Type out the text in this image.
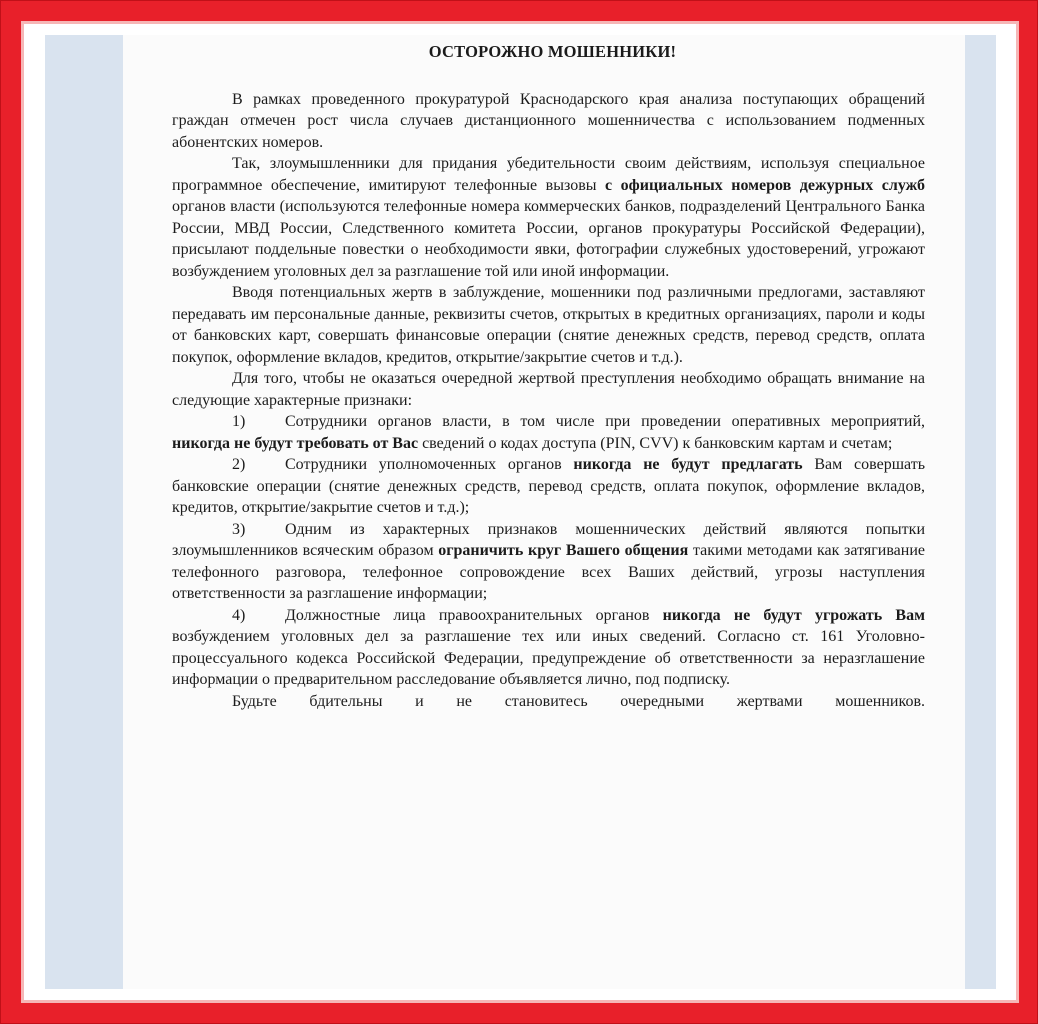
ОСТОРОЖНО МОШЕННИКИ!

В рамках проведенного прокуратурой Краснодарского края анализа поступающих обращений граждан отмечен рост числа случаев дистанционного мошенничества с использованием подменных абонентских номеров.

Так, злоумышленники для придания убедительности своим действиям, используя специальное программное обеспечение, имитируют телефонные вызовы с официальных номеров дежурных служб органов власти (используются телефонные номера коммерческих банков, подразделений Центрального Банка России, МВД России, Следственного комитета России, органов прокуратуры Российской Федерации), присылают поддельные повестки о необходимости явки, фотографии служебных удостоверений, угрожают возбуждением уголовных дел за разглашение той или иной информации.

Вводя потенциальных жертв в заблуждение, мошенники под различными предлогами, заставляют передавать им персональные данные, реквизиты счетов, открытых в кредитных организациях, пароли и коды от банковских карт, совершать финансовые операции (снятие денежных средств, перевод средств, оплата покупок, оформление вкладов, кредитов, открытие/закрытие счетов и т.д.).

Для того, чтобы не оказаться очередной жертвой преступления необходимо обращать внимание на следующие характерные признаки:

1) Сотрудники органов власти, в том числе при проведении оперативных мероприятий, никогда не будут требовать от Вас сведений о кодах доступа (PIN, CVV) к банковским картам и счетам;

2) Сотрудники уполномоченных органов никогда не будут предлагать Вам совершать банковские операции (снятие денежных средств, перевод средств, оплата покупок, оформление вкладов, кредитов, открытие/закрытие счетов и т.д.);

3) Одним из характерных признаков мошеннических действий являются попытки злоумышленников всяческим образом ограничить круг Вашего общения такими методами как затягивание телефонного разговора, телефонное сопровождение всех Ваших действий, угрозы наступления ответственности за разглашение информации;

4) Должностные лица правоохранительных органов никогда не будут угрожать Вам возбуждением уголовных дел за разглашение тех или иных сведений. Согласно ст. 161 Уголовно-процессуального кодекса Российской Федерации, предупреждение об ответственности за неразглашение информации о предварительном расследование объявляется лично, под подписку.

Будьте бдительны и не становитесь очередными жертвами мошенников.
